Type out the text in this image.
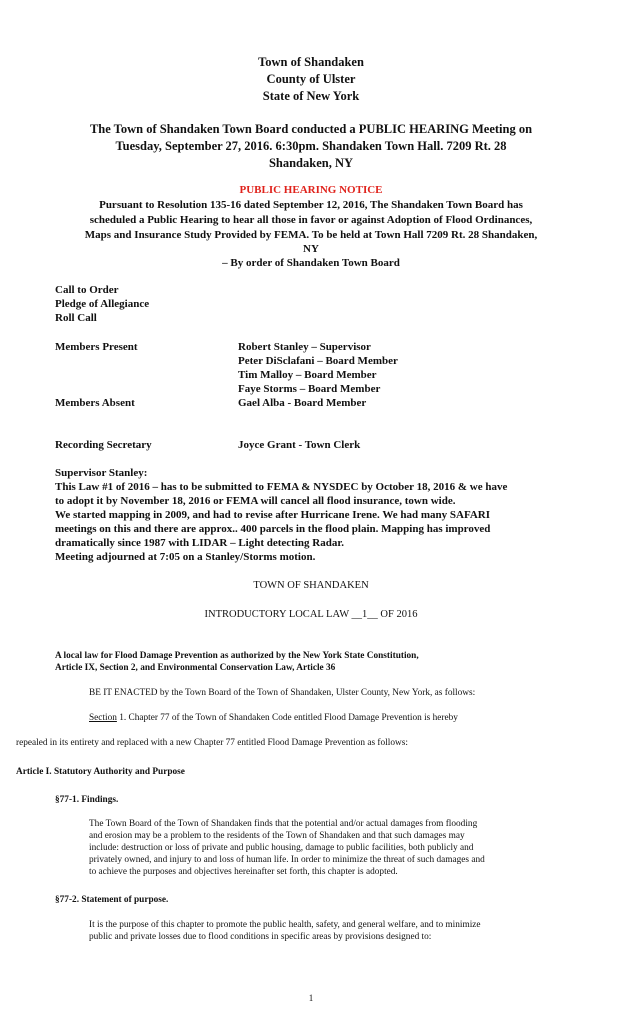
Town of Shandaken
County of Ulster
State of New York
The Town of Shandaken Town Board conducted a PUBLIC HEARING Meeting on
Tuesday, September 27, 2016. 6:30pm. Shandaken Town Hall. 7209 Rt. 28
Shandaken, NY
PUBLIC HEARING NOTICE
Pursuant to Resolution 135-16 dated September 12, 2016, The Shandaken Town Board has
scheduled a Public Hearing to hear all those in favor or against Adoption of Flood Ordinances,
Maps and Insurance Study Provided by FEMA. To be held at Town Hall 7209 Rt. 28 Shandaken,
NY
– By order of Shandaken Town Board
Call to Order
Pledge of Allegiance
Roll Call
Members Present	Robert Stanley – Supervisor
Peter DiSclafani – Board Member
Tim Malloy – Board Member
Faye Storms – Board Member
Members Absent	Gael Alba - Board Member
Recording Secretary	Joyce Grant - Town Clerk
Supervisor Stanley:
This Law #1 of 2016 – has to be submitted to FEMA & NYSDEC by October 18, 2016 & we have
to adopt it by November 18, 2016 or FEMA will cancel all flood insurance, town wide.
We started mapping in 2009, and had to revise after Hurricane Irene. We had many SAFARI
meetings on this and there are approx.. 400 parcels in the flood plain. Mapping has improved
dramatically since 1987 with LIDAR – Light detecting Radar.
Meeting adjourned at 7:05 on a Stanley/Storms motion.
TOWN OF SHANDAKEN
INTRODUCTORY LOCAL LAW __1__ OF 2016
A local law for Flood Damage Prevention as authorized by the New York State Constitution,
Article IX, Section 2, and Environmental Conservation Law, Article 36
BE IT ENACTED by the Town Board of the Town of Shandaken, Ulster County, New York, as follows:
Section 1. Chapter 77 of the Town of Shandaken Code entitled Flood Damage Prevention is hereby
repealed in its entirety and replaced with a new Chapter 77 entitled Flood Damage Prevention as follows:
Article I. Statutory Authority and Purpose
§77-1. Findings.
The Town Board of the Town of Shandaken finds that the potential and/or actual damages from flooding
and erosion may be a problem to the residents of the Town of Shandaken and that such damages may
include: destruction or loss of private and public housing, damage to public facilities, both publicly and
privately owned, and injury to and loss of human life. In order to minimize the threat of such damages and
to achieve the purposes and objectives hereinafter set forth, this chapter is adopted.
§77-2. Statement of purpose.
It is the purpose of this chapter to promote the public health, safety, and general welfare, and to minimize
public and private losses due to flood conditions in specific areas by provisions designed to:
1
